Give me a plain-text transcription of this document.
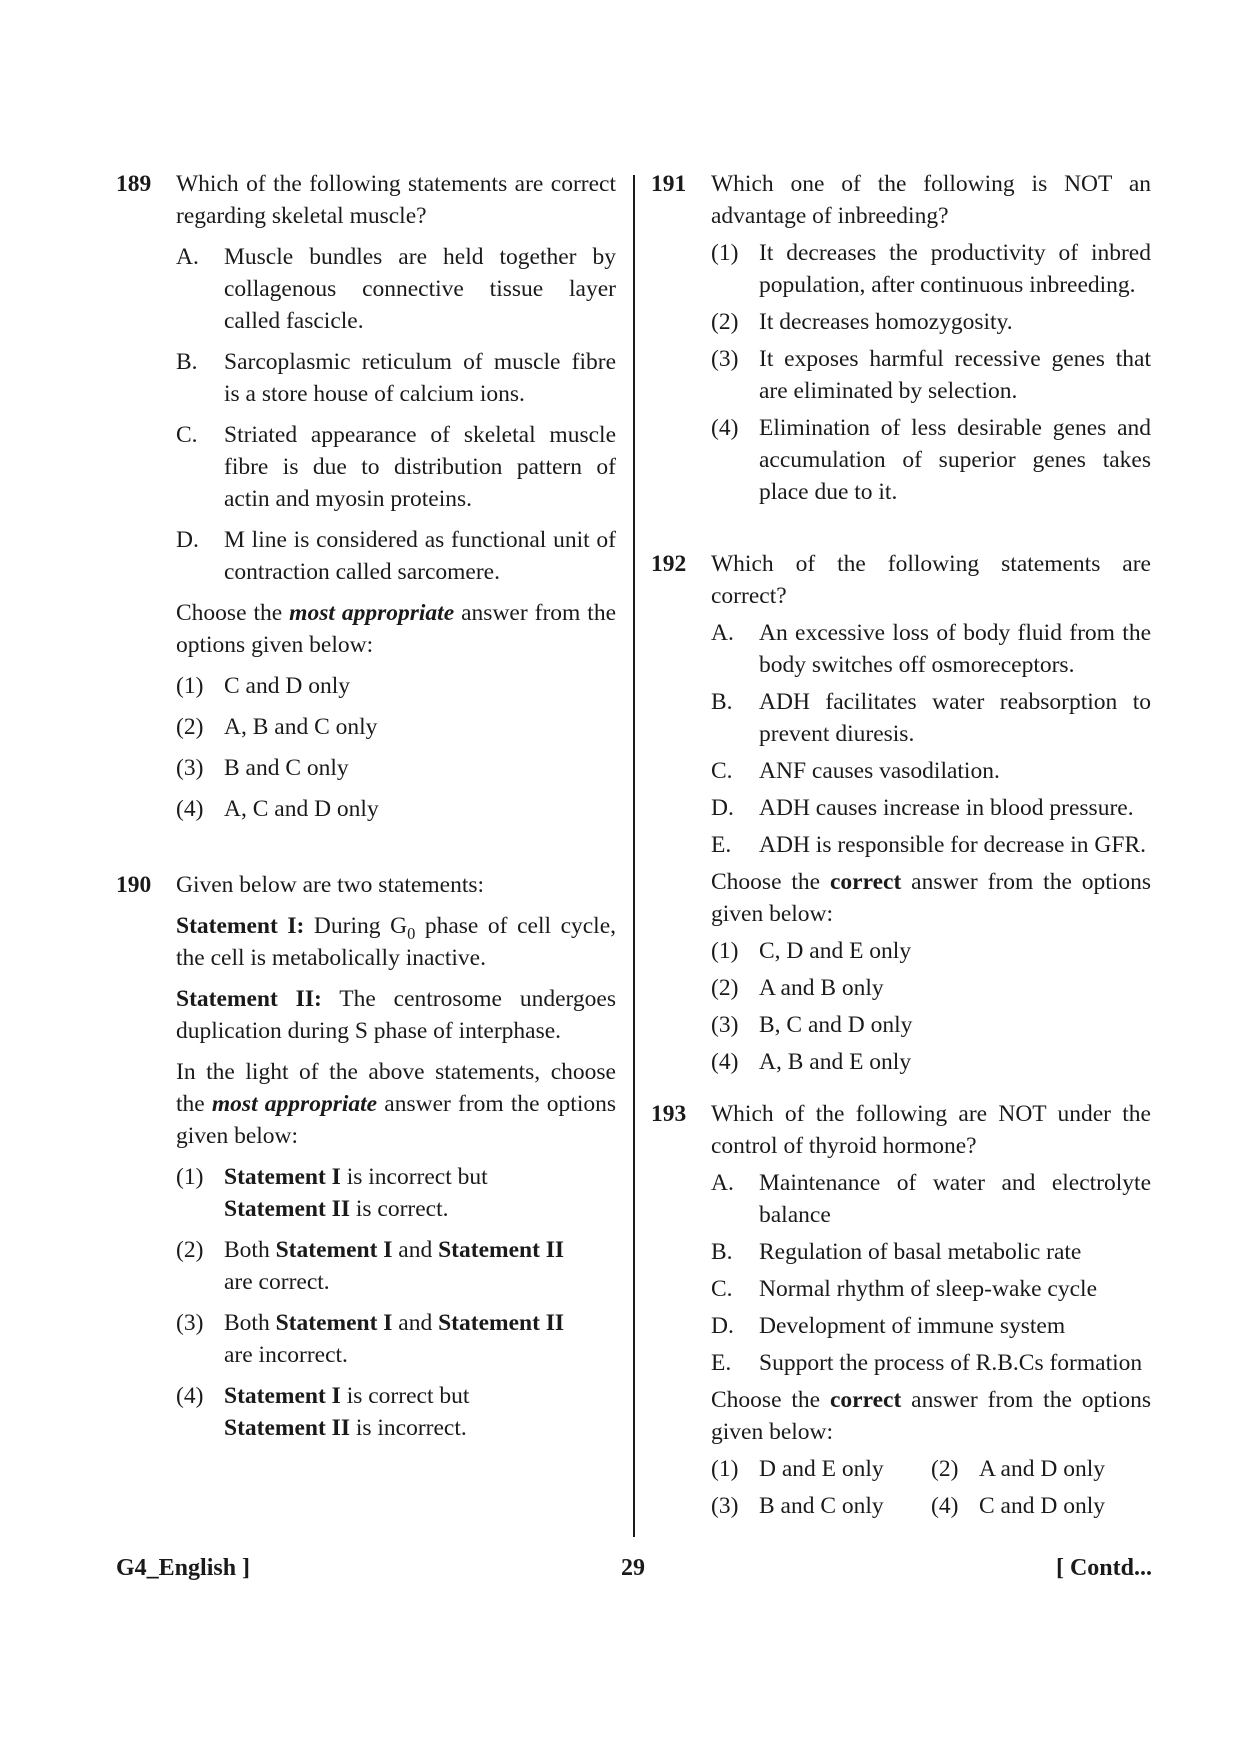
189 Which of the following statements are correct regarding skeletal muscle?
A.	Muscle bundles are held together by collagenous connective tissue layer called fascicle.
B.	Sarcoplasmic reticulum of muscle fibre is a store house of calcium ions.
C.	Striated appearance of skeletal muscle fibre is due to distribution pattern of actin and myosin proteins.
D.	M line is considered as functional unit of contraction called sarcomere.
Choose the most appropriate answer from the options given below:
(1) C and D only
(2) A, B and C only
(3) B and C only
(4) A, C and D only
190 Given below are two statements:
Statement I: During $G_0$ phase of cell cycle, the cell is metabolically inactive.
Statement II: The centrosome undergoes duplication during S phase of interphase.
In the light of the above statements, choose the most appropriate answer from the options given below:
(1) Statement I is incorrect but
Statement II is correct.
(2) Both Statement I and Statement II
are correct.
(3) Both Statement I and Statement II
are incorrect.
(4) Statement I is correct but
Statement II is incorrect.
191 Which one of the following is NOT an advantage of inbreeding?
(1) It decreases the productivity of inbred population, after continuous inbreeding.
(2) It decreases homozygosity.
(3) It exposes harmful recessive genes that are eliminated by selection.
(4) Elimination of less desirable genes and accumulation of superior genes takes place due to it.
192 Which of the following statements are correct?
A.	An excessive loss of body fluid from the body switches off osmoreceptors.
B.	ADH facilitates water reabsorption to prevent diuresis.
C.	ANF causes vasodilation.
D.	ADH causes increase in blood pressure.
E.	ADH is responsible for decrease in GFR.
Choose the correct answer from the options given below:
(1) C, D and E only
(2) A and B only
(3) B, C and D only
(4) A, B and E only
193 Which of the following are NOT under the control of thyroid hormone?
A.	Maintenance of water and electrolyte balance
B.	Regulation of basal metabolic rate
C.	Normal rhythm of sleep-wake cycle
D.	Development of immune system
E.	Support the process of R.B.Cs formation
Choose the correct answer from the options given below:
(1) D and E only (2) A and D only
(3) B and C only (4) C and D only
G4_English ]	29	[ Contd...
